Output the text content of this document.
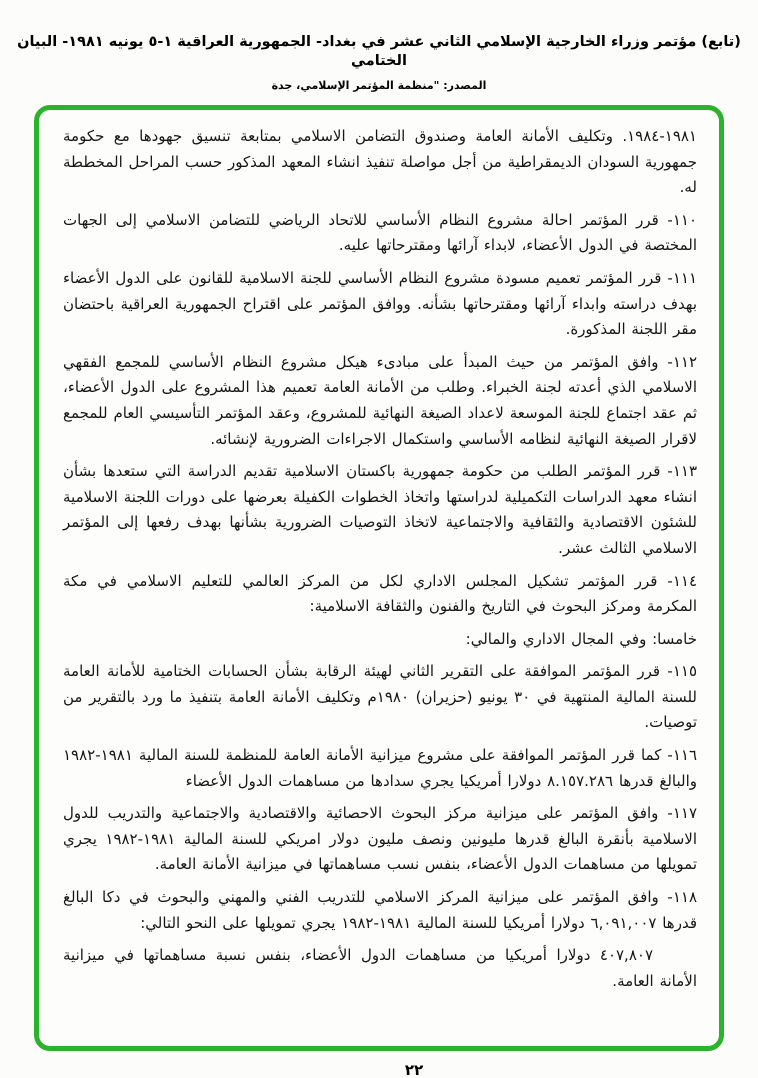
(تابع) مؤتمر وزراء الخارجية الإسلامي الثاني عشر في بغداد- الجمهورية العراقية ١-٥ يونيه ١٩٨١- البيان الختامي
المصدر: "منظمة المؤتمر الإسلامي، جدة

١٩٨١-١٩٨٤. وتكليف الأمانة العامة وصندوق التضامن الاسلامي بمتابعة تنسيق جهودها مع حكومة جمهورية السودان الديمقراطية من أجل مواصلة تنفيذ انشاء المعهد المذكور حسب المراحل المخططة له.

١١٠- قرر المؤتمر احالة مشروع النظام الأساسي للاتحاد الرياضي للتضامن الاسلامي إلى الجهات المختصة في الدول الأعضاء، لابداء آرائها ومقترحاتها عليه.

١١١- قرر المؤتمر تعميم مسودة مشروع النظام الأساسي للجنة الاسلامية للقانون على الدول الأعضاء بهدف دراسته وابداء آرائها ومقترحاتها بشأنه. ووافق المؤتمر على اقتراح الجمهورية العراقية باحتضان مقر اللجنة المذكورة.

١١٢- وافق المؤتمر من حيث المبدأ على مبادىء هيكل مشروع النظام الأساسي للمجمع الفقهي الاسلامي الذي أعدته لجنة الخبراء. وطلب من الأمانة العامة تعميم هذا المشروع على الدول الأعضاء، ثم عقد اجتماع للجنة الموسعة لاعداد الصيغة النهائية للمشروع، وعقد المؤتمر التأسيسي العام للمجمع لاقرار الصيغة النهائية لنظامه الأساسي واستكمال الاجراءات الضرورية لإنشائه.

١١٣- قرر المؤتمر الطلب من حكومة جمهورية باكستان الاسلامية تقديم الدراسة التي ستعدها بشأن انشاء معهد الدراسات التكميلية لدراستها واتخاذ الخطوات الكفيلة بعرضها على دورات اللجنة الاسلامية للشئون الاقتصادية والثقافية والاجتماعية لاتخاذ التوصيات الضرورية بشأنها بهدف رفعها إلى المؤتمر الاسلامي الثالث عشر.

١١٤- قرر المؤتمر تشكيل المجلس الاداري لكل من المركز العالمي للتعليم الاسلامي في مكة المكرمة ومركز البحوث في التاريخ والفنون والثقافة الاسلامية:

خامسا: وفي المجال الاداري والمالي:

١١٥- قرر المؤتمر الموافقة على التقرير الثاني لهيئة الرقابة بشأن الحسابات الختامية للأمانة العامة للسنة المالية المنتهية في ٣٠ يونيو (حزيران) ١٩٨٠م وتكليف الأمانة العامة بتنفيذ ما ورد بالتقرير من توصيات.

١١٦- كما قرر المؤتمر الموافقة على مشروع ميزانية الأمانة العامة للمنظمة للسنة المالية ١٩٨١-١٩٨٢ والبالغ قدرها ٨.١٥٧.٢٨٦ دولارا أمريكيا يجري سدادها من مساهمات الدول الأعضاء

١١٧- وافق المؤتمر على ميزانية مركز البحوث الاحصائية والاقتصادية والاجتماعية والتدريب للدول الاسلامية بأنقرة البالغ قدرها مليونين ونصف مليون دولار امريكي للسنة المالية ١٩٨١-١٩٨٢ يجري تمويلها من مساهمات الدول الأعضاء، بنفس نسب مساهماتها في ميزانية الأمانة العامة.

١١٨- وافق المؤتمر على ميزانية المركز الاسلامي للتدريب الفني والمهني والبحوث في دكا البالغ قدرها ٦,٠٩١,٠٠٧ دولارا أمريكيا للسنة المالية ١٩٨١-١٩٨٢ يجري تمويلها على النحو التالي:

٤٠٧,٨٠٧ دولارا أمريكيا من مساهمات الدول الأعضاء، بنفس نسبة مساهماتها في ميزانية الأمانة العامة.

٢٢
